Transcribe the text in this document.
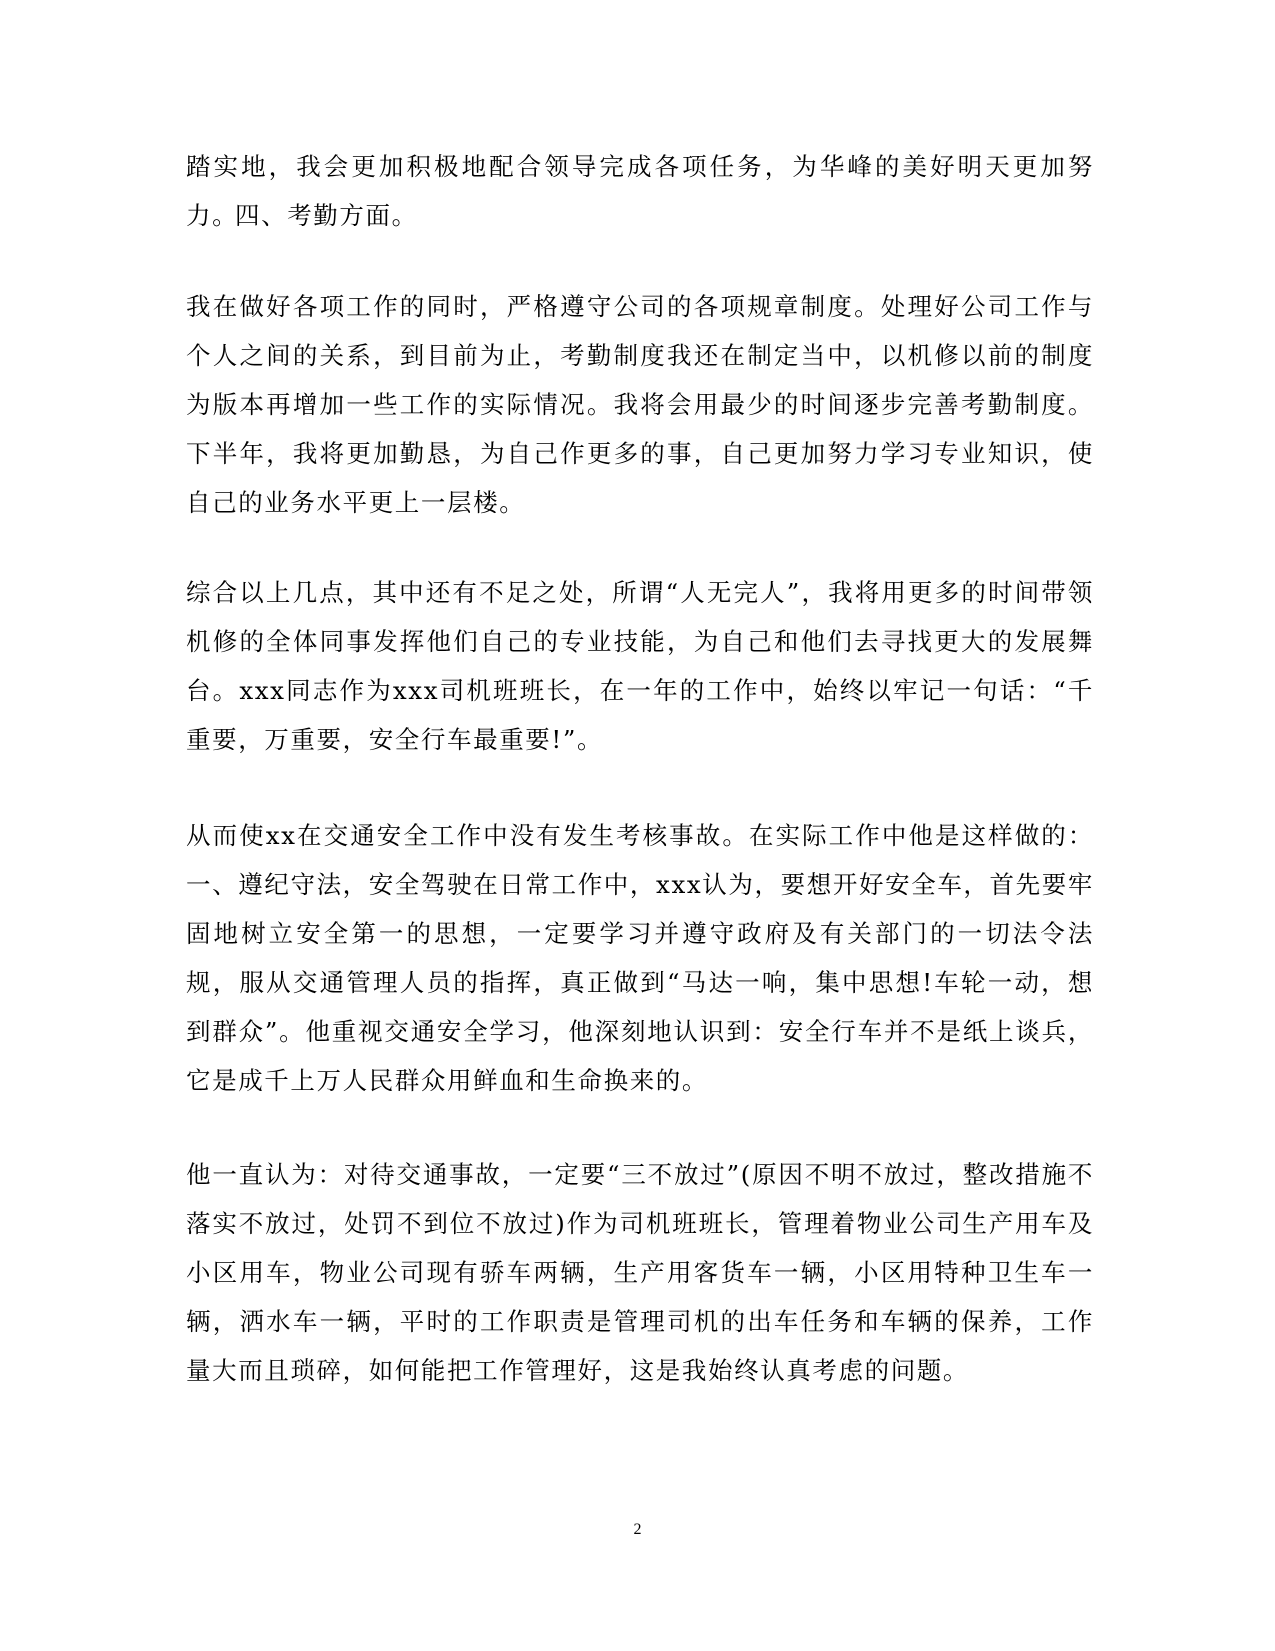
踏实地，我会更加积极地配合领导完成各项任务，为华峰的美好明天更加努力。

四、考勤方面。

我在做好各项工作的同时，严格遵守公司的各项规章制度。处理好公司工作与个人之间的关系，到目前为止，考勤制度我还在制定当中，以机修以前的制度为版本再增加一些工作的实际情况。我将会用最少的时间逐步完善考勤制度。下半年，我将更加勤恳，为自己作更多的事，自己更加努力学习专业知识，使自己的业务水平更上一层楼。

综合以上几点，其中还有不足之处，所谓“人无完人”，我将用更多的时间带领机修的全体同事发挥他们自己的专业技能，为自己和他们去寻找更大的发展舞台。xxx同志作为xxx司机班班长，在一年的工作中，始终以牢记一句话：“千重要，万重要，安全行车最重要!”。

从而使xx在交通安全工作中没有发生考核事故。在实际工作中他是这样做的：一、遵纪守法，安全驾驶在日常工作中，xxx认为，要想开好安全车，首先要牢固地树立安全第一的思想，一定要学习并遵守政府及有关部门的一切法令法规，服从交通管理人员的指挥，真正做到“马达一响，集中思想!车轮一动，想到群众”。他重视交通安全学习，他深刻地认识到：安全行车并不是纸上谈兵，它是成千上万人民群众用鲜血和生命换来的。

他一直认为：对待交通事故，一定要“三不放过”(原因不明不放过，整改措施不落实不放过，处罚不到位不放过)作为司机班班长，管理着物业公司生产用车及小区用车，物业公司现有骄车两辆，生产用客货车一辆，小区用特种卫生车一辆，洒水车一辆，平时的工作职责是管理司机的出车任务和车辆的保养，工作量大而且琐碎，如何能把工作管理好，这是我始终认真考虑的问题。

2
